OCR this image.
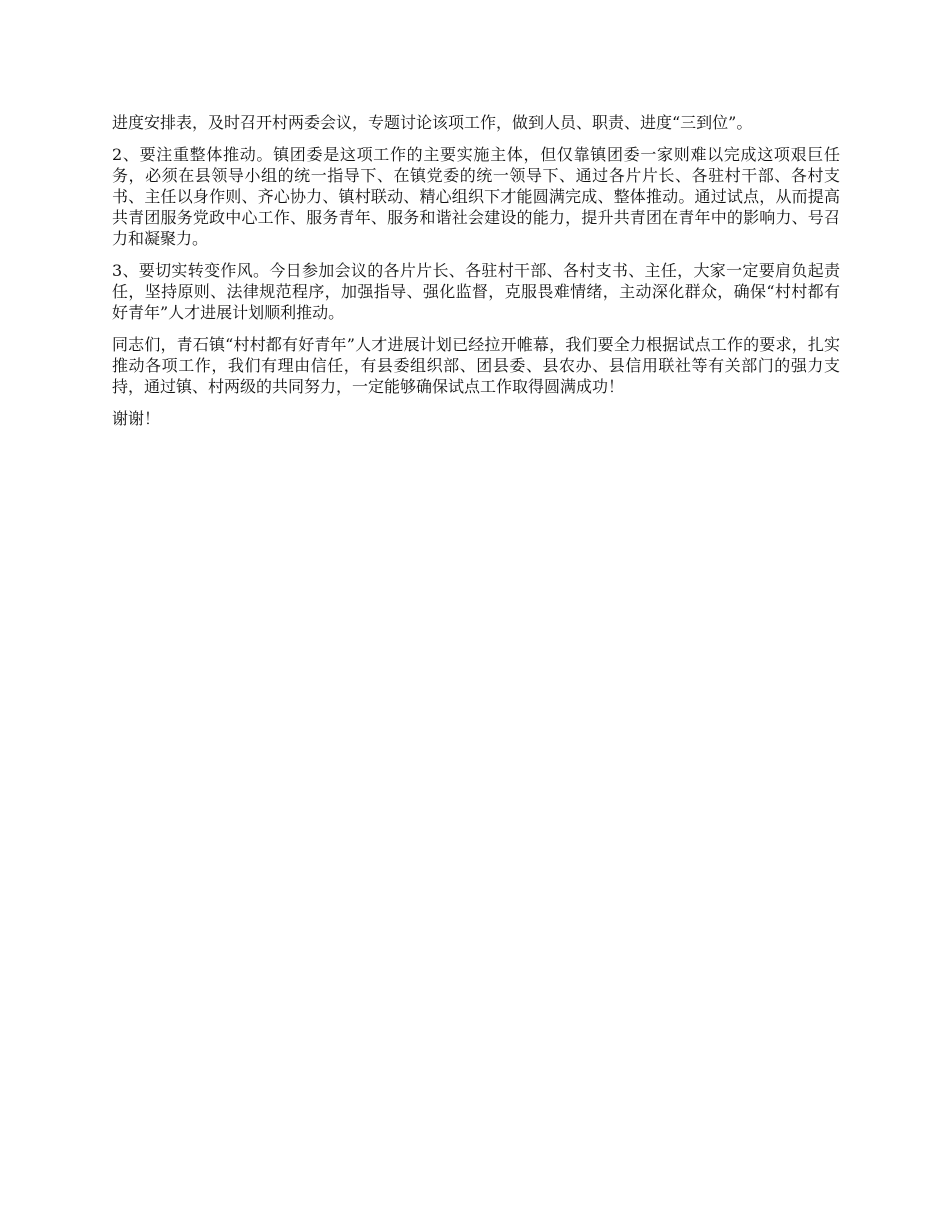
进度安排表，及时召开村两委会议，专题讨论该项工作，做到人员、职责、进度“三到位”。

2、要注重整体推动。镇团委是这项工作的主要实施主体，但仅靠镇团委一家则难以完成这项艰巨任务，必须在县领导小组的统一指导下、在镇党委的统一领导下、通过各片片长、各驻村干部、各村支书、主任以身作则、齐心协力、镇村联动、精心组织下才能圆满完成、整体推动。通过试点，从而提高共青团服务党政中心工作、服务青年、服务和谐社会建设的能力，提升共青团在青年中的影响力、号召力和凝聚力。

3、要切实转变作风。今日参加会议的各片片长、各驻村干部、各村支书、主任，大家一定要肩负起责任，坚持原则、法律规范程序，加强指导、强化监督，克服畏难情绪，主动深化群众，确保“村村都有好青年”人才进展计划顺利推动。

同志们，青石镇“村村都有好青年”人才进展计划已经拉开帷幕，我们要全力根据试点工作的要求，扎实推动各项工作，我们有理由信任，有县委组织部、团县委、县农办、县信用联社等有关部门的强力支持，通过镇、村两级的共同努力，一定能够确保试点工作取得圆满成功！

谢谢！
